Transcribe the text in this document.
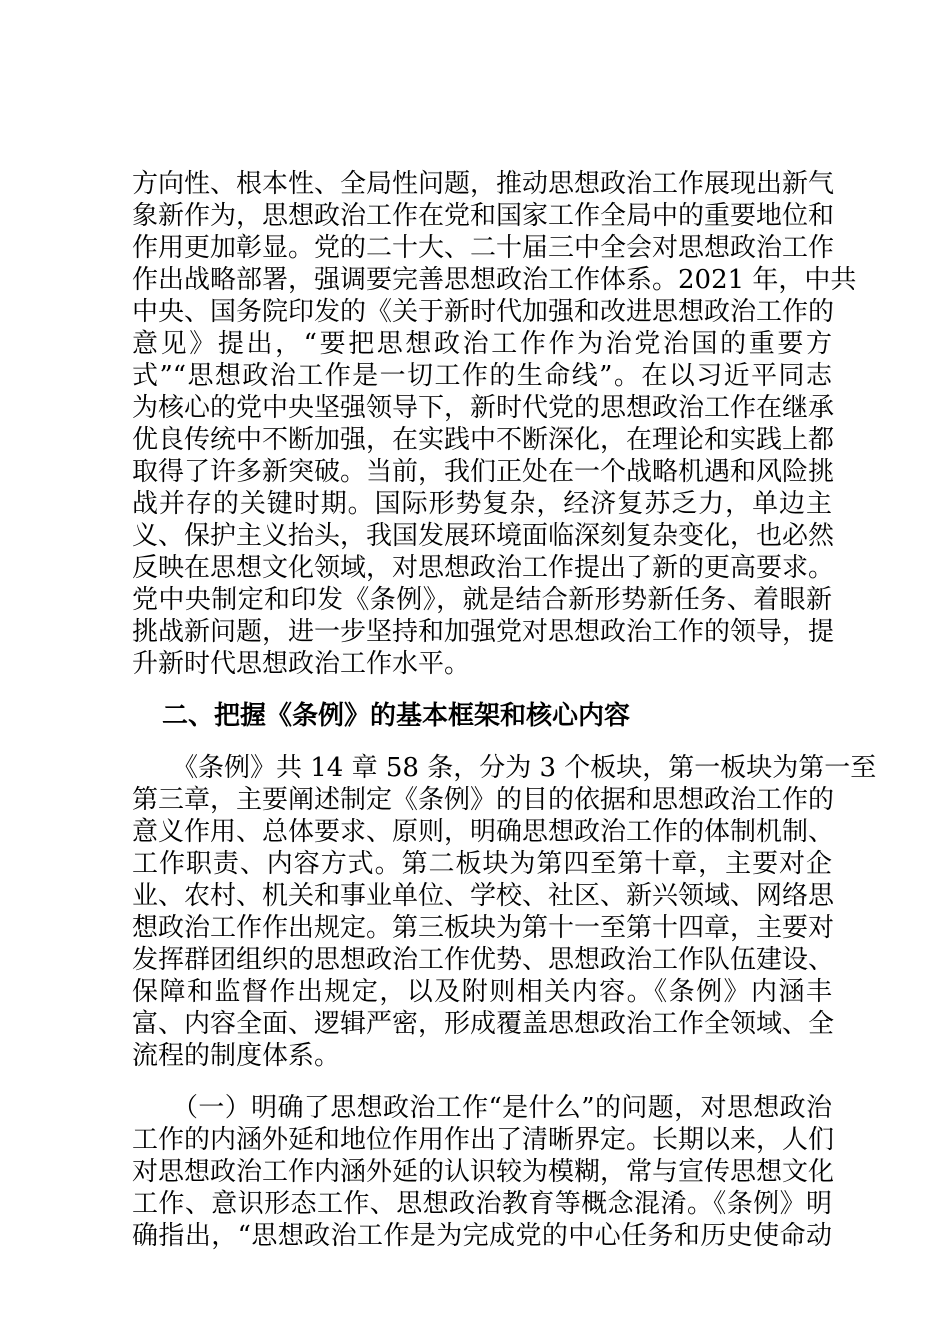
方向性、根本性、全局性问题，推动思想政治工作展现出新气
象新作为，思想政治工作在党和国家工作全局中的重要地位和
作用更加彰显。党的二十大、二十届三中全会对思想政治工作
作出战略部署，强调要完善思想政治工作体系。2021 年，中共
中央、国务院印发的《关于新时代加强和改进思想政治工作的
意见》提出，“要把思想政治工作作为治党治国的重要方
式”“思想政治工作是一切工作的生命线”。在以习近平同志
为核心的党中央坚强领导下，新时代党的思想政治工作在继承
优良传统中不断加强，在实践中不断深化，在理论和实践上都
取得了许多新突破。当前，我们正处在一个战略机遇和风险挑
战并存的关键时期。国际形势复杂，经济复苏乏力，单边主
义、保护主义抬头，我国发展环境面临深刻复杂变化，也必然
反映在思想文化领域，对思想政治工作提出了新的更高要求。
党中央制定和印发《条例》，就是结合新形势新任务、着眼新
挑战新问题，进一步坚持和加强党对思想政治工作的领导，提
升新时代思想政治工作水平。
二、把握《条例》的基本框架和核心内容
《条例》共 14 章 58 条，分为 3 个板块，第一板块为第一至
第三章，主要阐述制定《条例》的目的依据和思想政治工作的
意义作用、总体要求、原则，明确思想政治工作的体制机制、
工作职责、内容方式。第二板块为第四至第十章，主要对企
业、农村、机关和事业单位、学校、社区、新兴领域、网络思
想政治工作作出规定。第三板块为第十一至第十四章，主要对
发挥群团组织的思想政治工作优势、思想政治工作队伍建设、
保障和监督作出规定，以及附则相关内容。《条例》内涵丰
富、内容全面、逻辑严密，形成覆盖思想政治工作全领域、全
流程的制度体系。
（一）明确了思想政治工作“是什么”的问题，对思想政治
工作的内涵外延和地位作用作出了清晰界定。长期以来，人们
对思想政治工作内涵外延的认识较为模糊，常与宣传思想文化
工作、意识形态工作、思想政治教育等概念混淆。《条例》明
确指出，“思想政治工作是为完成党的中心任务和历史使命动
